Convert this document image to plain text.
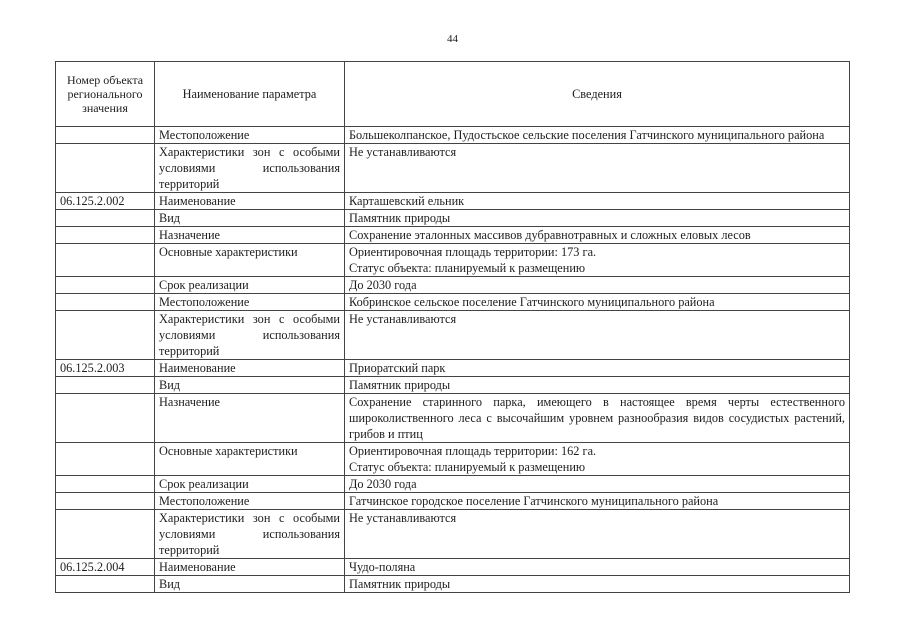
44
Номер объекта регионального значения	Наименование параметра	Сведения
	Местоположение	Большеколпанское, Пудостьское сельские поселения Гатчинского муниципального района
	Характеристики зон с особыми условиями использования территорий	Не устанавливаются
06.125.2.002	Наименование	Карташевский ельник
	Вид	Памятник природы
	Назначение	Сохранение эталонных массивов дубравнотравных и сложных еловых лесов
	Основные характеристики	Ориентировочная площадь территории: 173 га.
Статус объекта: планируемый к размещению

	Срок реализации	До 2030 года
	Местоположение	Кобринское сельское поселение Гатчинского муниципального района
	Характеристики зон с особыми условиями использования территорий	Не устанавливаются
06.125.2.003	Наименование	Приоратский парк
	Вид	Памятник природы
	Назначение	Сохранение старинного парка, имеющего в настоящее время черты естественного широколиственного леса с высочайшим уровнем разнообразия видов сосудистых растений, грибов и птиц
	Основные характеристики	Ориентировочная площадь территории: 162 га.
Статус объекта: планируемый к размещению

	Срок реализации	До 2030 года
	Местоположение	Гатчинское городское поселение Гатчинского муниципального района
	Характеристики зон с особыми условиями использования территорий	Не устанавливаются
06.125.2.004	Наименование	Чудо-поляна
	Вид	Памятник природы
